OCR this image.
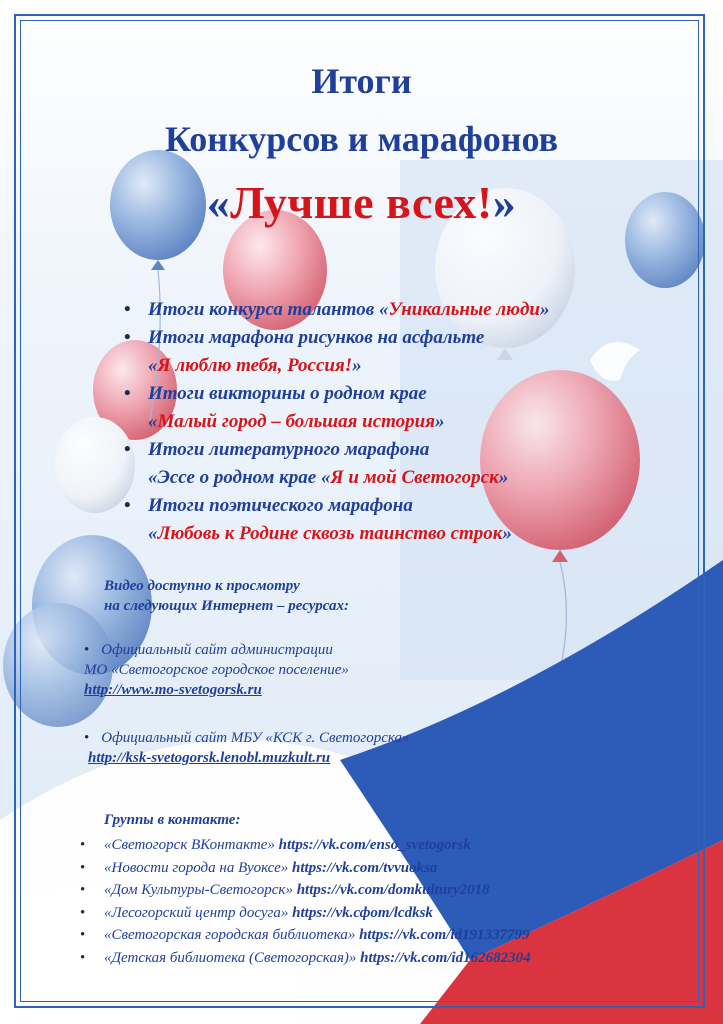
Итоги
Конкурсов и марафонов
«Лучше всех!»
• Итоги конкурса талантов «Уникальные люди»
• Итоги марафона рисунков на асфальте
«Я люблю тебя, Россия!»
• Итоги викторины о родном крае
«Малый город – большая история»
• Итоги литературного марафона
«Эссе о родном крае «Я и мой Светогорск»
• Итоги поэтического марафона
«Любовь к Родине сквозь таинство строк»
Видео доступно к просмотру
на следующих Интернет – ресурсах:
• Официальный сайт администрации
МО «Светогорское городское поселение»
http://www.mo-svetogorsk.ru
• Официальный сайт МБУ «КСК г. Светогорска»
http://ksk-svetogorsk.lenobl.muzkult.ru
Группы в контакте:
• «Светогорск ВКонтакте» https://vk.com/enso_svetogorsk
• «Новости города на Вуоксе» https://vk.com/tvvuoksa
• «Дом Культуры-Светогорск» https://vk.com/domkultury2018
• «Лесогорский центр досуга» https://vk.сфот/lcdksk
• «Светогорская городская библиотека» https://vk.com/id191337799
• «Детская библиотека (Светогорская)» https://vk.com/id162682304
